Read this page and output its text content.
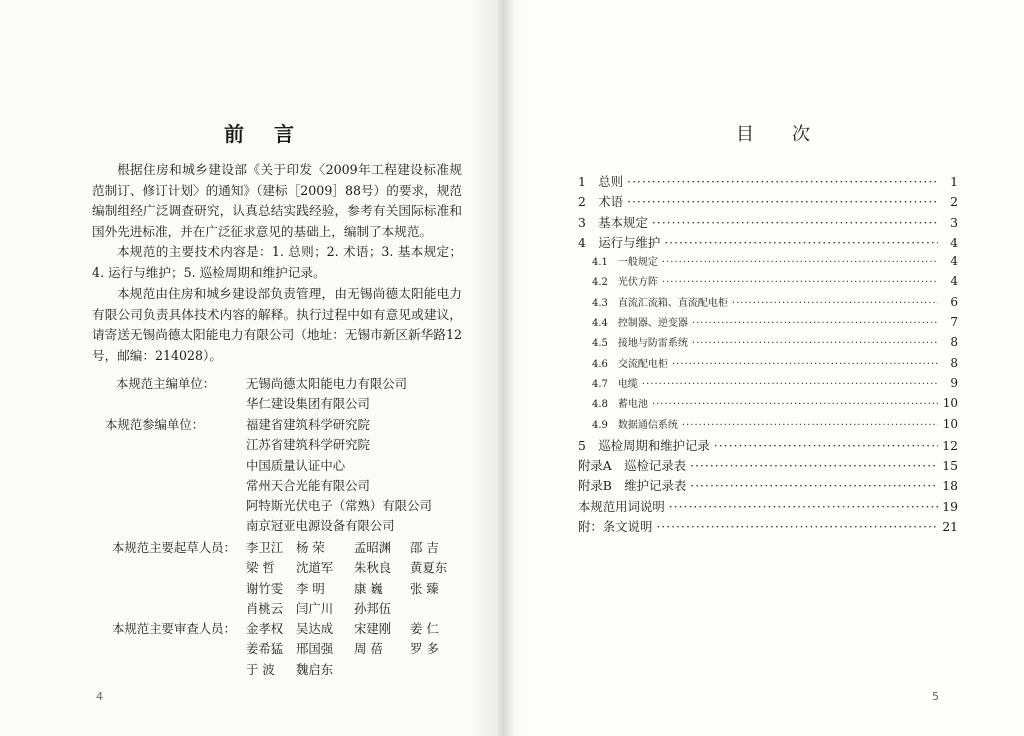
前言
根据住房和城乡建设部《关于印发〈2009年工程建设标准规范制订、修订计划〉的通知》（建标［2009］88号）的要求，规范编制组经广泛调查研究，认真总结实践经验，参考有关国际标准和国外先进标准，并在广泛征求意见的基础上，编制了本规范。
本规范的主要技术内容是：1. 总则；2. 术语；3. 基本规定；4. 运行与维护；5. 巡检周期和维护记录。
本规范由住房和城乡建设部负责管理，由无锡尚德太阳能电力有限公司负责具体技术内容的解释。执行过程中如有意见或建议，请寄送无锡尚德太阳能电力有限公司（地址：无锡市新区新华路12号，邮编：214028）。
本规范主编单位： 无锡尚德太阳能电力有限公司
华仁建设集团有限公司
本规范参编单位：	福建省建筑科学研究院
江苏省建筑科学研究院
中国质量认证中心
常州天合光能有限公司
阿特斯光伏电子（常熟）有限公司
南京冠亚电源设备有限公司
本规范主要起草人员： 李卫江	杨 荣	孟昭渊	邵 吉
梁 哲	沈道军	朱秋良	黄夏东
谢竹雯	李 明	康 巍	张 臻
肖桃云	闫广川	孙邦伍
本规范主要审查人员： 金孝权	吴达成	宋建刚	姜 仁
姜希猛	邢国强	周 蓓	罗 多
于 波	魏启东
4
目次
1　总则 ·····	1
2　术语 ·····	2
3　基本规定 ·····	3
4　运行与维护 ·····	4
4.1　一般规定 ·····	4
4.2　光伏方阵 ·····	4
4.3　直流汇流箱、直流配电柜 ·····	6
4.4　控制器、逆变器 ·····	7
4.5　接地与防雷系统 ·····	8
4.6　交流配电柜 ·····	8
4.7　电缆 ·····	9
4.8　蓄电池 ·····	10
4.9　数据通信系统 ·····	10
5　巡检周期和维护记录 ·····	12
附录A　巡检记录表 ·····	15
附录B　维护记录表 ·····	18
本规范用词说明 ·····	19
附：条文说明 ·····	21
5
